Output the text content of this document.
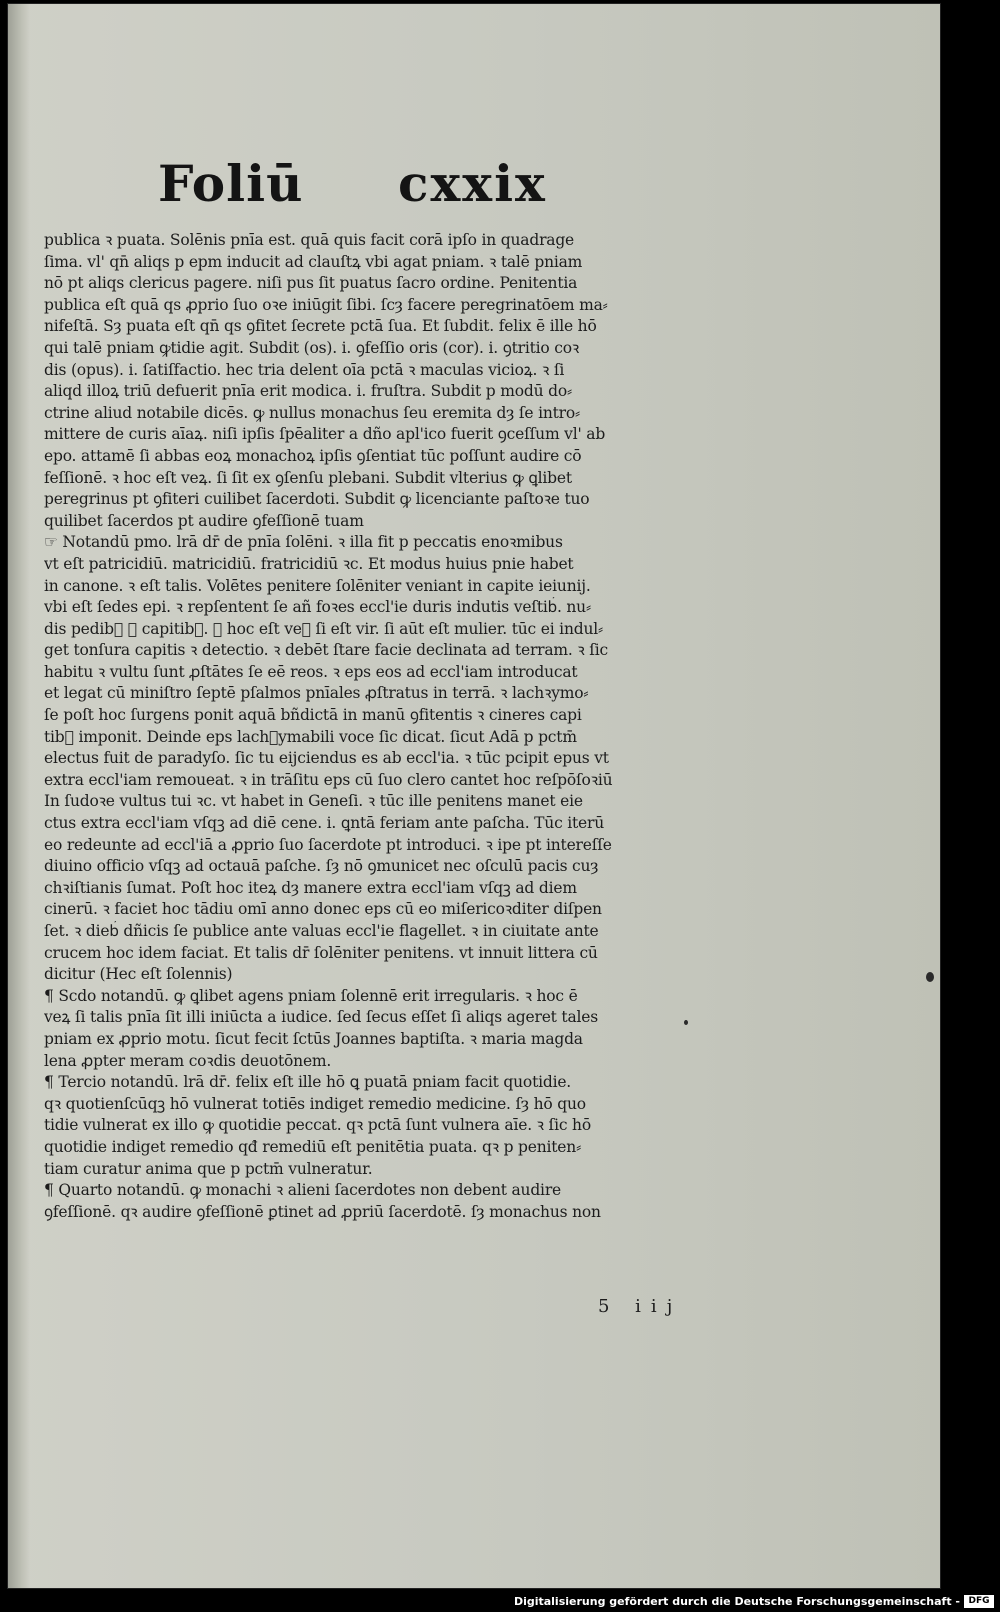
Foliū cxxix
publica ꝛ puata. Solēnis pnīa est. quā quis facit corā ipſo in quadrage
ſima. vl' qn̄ aliqs p epm inducit ad clauſtꝝ vbi agat pniam. ꝛ talē pniam
nō pt aliqs clericus pagere. niſi pus ſit puatus ſacro ordine. Penitentia
publica eſt quā qs ꝓprio ſuo oꝛe iniūgit ſibi. ſcȝ facere peregrinatōem ma⸗
nifeſtā. Sȝ puata eſt qn̄ qs ꝯfitet ſecrete pctā ſua. Et ſubdit. felix ē ille hō
qui talē pniam ꝙtidie agit. Subdit (os). i. ꝯfeſſio oris (cor). i. ꝯtritio coꝛ
dis (opus). i. ſatiſfactio. hec tria delent oīa pctā ꝛ maculas vicioꝝ. ꝛ ſi
aliqd illoꝝ triū defuerit pnīa erit modica. i. fruſtra. Subdit p modū do⸗
ctrine aliud notabile dicēs. ꝙ nullus monachus ſeu eremita dȝ ſe intro⸗
mittere de curis aīaꝝ. niſi ipſis ſpēaliter a dño apl'ico fuerit ꝯceſſum vl' ab
epo. attamē ſi abbas eoꝝ monachoꝝ ipſis ꝯſentiat tūc poſſunt audire cō
feſſionē. ꝛ hoc eſt veꝝ. ſi ſit ex ꝯſenſu plebani. Subdit vlterius ꝙ ꝗlibet
peregrinus pt ꝯfiteri cuilibet ſacerdoti. Subdit ꝙ licenciante paſtoꝛe tuo
quilibet ſacerdos pt audire ꝯfeſſionē tuam
☞ Notandū pmo. lrā dr̄ de pnīa ſolēni. ꝛ illa fit p peccatis enoꝛmibus
vt eſt patricidiū. matricidiū. fratricidiū ꝛc. Et modus huius pnie habet
in canone. ꝛ eſt talis. Volētes penitere ſolēniter veniant in capite ieiunij.
vbi eſt ſedes epi. ꝛ repſentent ſe añ foꝛes eccl'ie duris indutis veſtib᷒. nu⸗
dis pedib᷒ ꝛ capitib᷒. ꝛ hoc eſt veꝝ ſi eſt vir. ſi aūt eſt mulier. tūc ei indul⸗
get tonſura capitis ꝛ detectio. ꝛ debēt ſtare facie declinata ad terram. ꝛ ſic
habitu ꝛ vultu ſunt ꝓſtātes ſe eē reos. ꝛ eps eos ad eccl'iam introducat
et legat cū miniſtro ſeptē pſalmos pnīales ꝓſtratus in terrā. ꝛ lachꝛymo⸗
ſe poſt hoc ſurgens ponit aquā bñdictā in manū ꝯfitentis ꝛ cineres capi
tib᷒ imponit. Deinde eps lachꝛymabili voce ſic dicat. ſicut Adā p pctm̄
electus fuit de paradyſo. ſic tu eijciendus es ab eccl'ia. ꝛ tūc pcipit epus vt
extra eccl'iam remoueat. ꝛ in trāſitu eps cū ſuo clero cantet hoc reſpōſoꝛiū
In ſudoꝛe vultus tui ꝛc. vt habet in Geneſi. ꝛ tūc ille penitens manet eie
ctus extra eccl'iam vſqꝫ ad diē cene. i. ꝗntā feriam ante paſcha. Tūc iterū
eo redeunte ad eccl'iā a ꝓprio ſuo ſacerdote pt introduci. ꝛ ipe pt intereſſe
diuino officio vſqꝫ ad octauā paſche. ſȝ nō ꝯmunicet nec oſculū pacis cuȝ
chꝛiſtianis ſumat. Poſt hoc iteꝝ dȝ manere extra eccl'iam vſqꝫ ad diem
cinerū. ꝛ faciet hoc tādiu omī anno donec eps cū eo miſericoꝛditer diſpen
ſet. ꝛ dieb᷒ dñicis ſe publice ante valuas eccl'ie flagellet. ꝛ in ciuitate ante
crucem hoc idem faciat. Et talis dr̄ ſolēniter penitens. vt innuit littera cū
dicitur (Hec eſt ſolennis)
¶ Scdo notandū. ꝙ ꝗlibet agens pniam ſolennē erit irregularis. ꝛ hoc ē
veꝝ ſi talis pnīa ſit illi iniūcta a iudice. ſed ſecus eſſet ſi aliqs ageret tales
pniam ex ꝓprio motu. ſicut fecit ſctūs Joannes baptiſta. ꝛ maria magda
lena ꝓpter meram coꝛdis deuotōnem.
¶ Tercio notandū. lrā dr̄. felix eſt ille hō ꝗ puatā pniam facit quotidie.
qꝛ quotienſcūqꝫ hō vulnerat totiēs indiget remedio medicine. ſȝ hō quo
tidie vulnerat ex illo ꝙ quotidie peccat. qꝛ pctā ſunt vulnera aīe. ꝛ ſic hō
quotidie indiget remedio qđ remediū eſt penitētia puata. qꝛ p peniten⸗
tiam curatur anima que p pctm̄ vulneratur.
¶ Quarto notandū. ꝙ monachi ꝛ alieni ſacerdotes non debent audire
ꝯfeſſionē. qꝛ audire ꝯfeſſionē ꝑtinet ad ꝓpriū ſacerdotē. ſȝ monachus non
5 iij
Digitalisierung gefördert durch die Deutsche Forschungsgemeinschaft - DFG
